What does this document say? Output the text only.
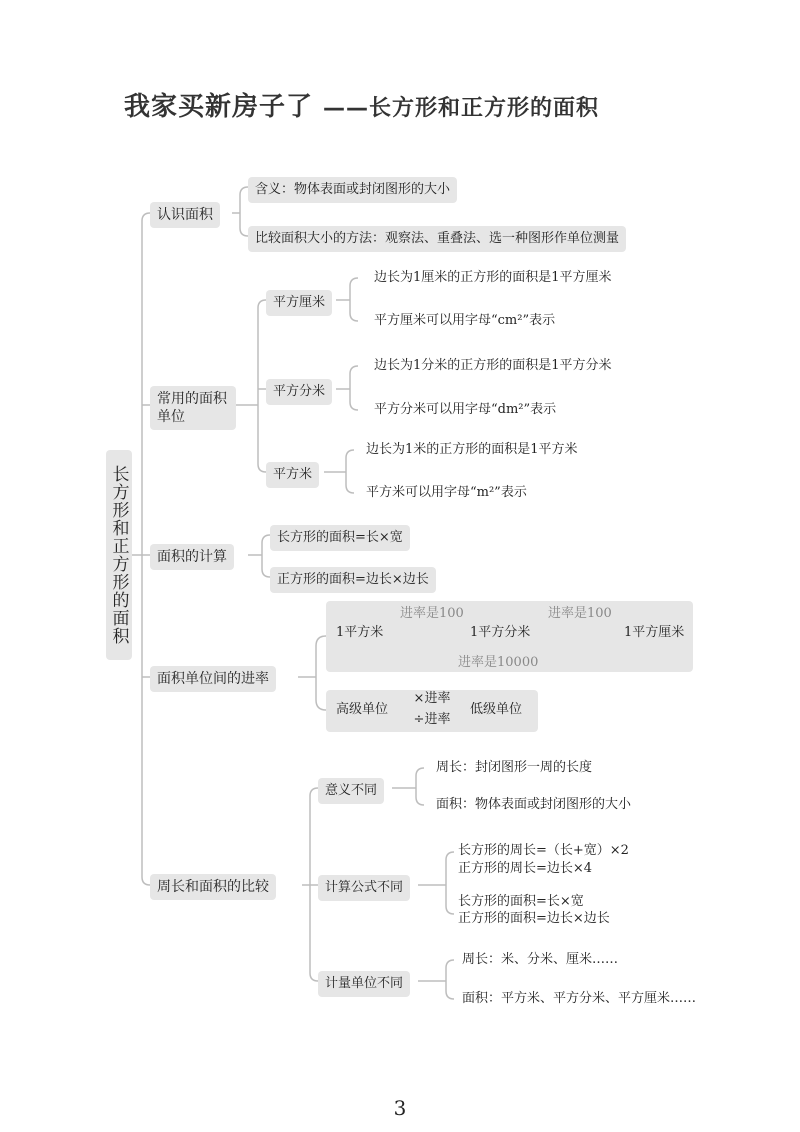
我家买新房子了 ——长方形和正方形的面积
长方形和正方形的面积
认识面积
含义：物体表面或封闭图形的大小
比较面积大小的方法：观察法、重叠法、选一种图形作单位测量
常用的面积单位
平方厘米
边长为1厘米的正方形的面积是1平方厘米
平方厘米可以用字母“cm²”表示
平方分米
边长为1分米的正方形的面积是1平方分米
平方分米可以用字母“dm²”表示
平方米
边长为1米的正方形的面积是1平方米
平方米可以用字母“m²”表示
面积的计算
长方形的面积=长×宽
正方形的面积=边长×边长
面积单位间的进率
1平方米	1平方分米	1平方厘米
进率是100	进率是100
进率是10000
高级单位
×进率
÷进率
低级单位
周长和面积的比较
意义不同
周长：封闭图形一周的长度
面积：物体表面或封闭图形的大小
计算公式不同
长方形的周长=（长+宽）×2
正方形的周长=边长×4
长方形的面积=长×宽
正方形的面积=边长×边长
计量单位不同
周长：米、分米、厘米……
面积：平方米、平方分米、平方厘米……
3
